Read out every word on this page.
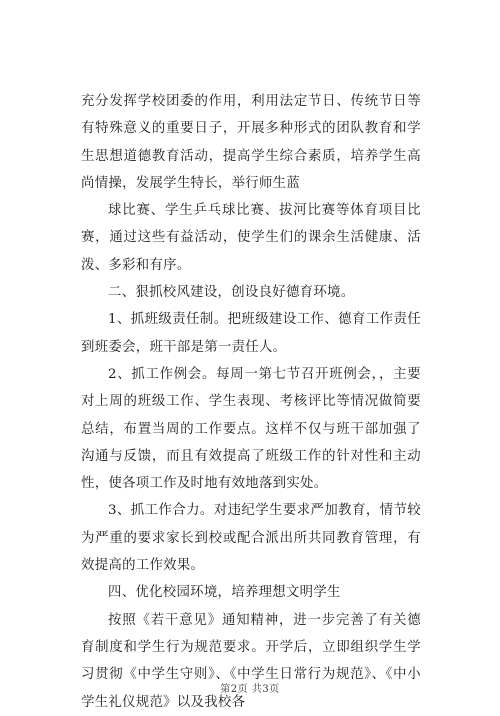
充分发挥学校团委的作用，利用法定节日、传统节日等有特殊意义的重要日子，开展多种形式的团队教育和学生思想道德教育活动，提高学生综合素质，培养学生高尚情操，发展学生特长，举行师生蓝

球比赛、学生乒乓球比赛、拔河比赛等体育项目比赛，通过这些有益活动，使学生们的课余生活健康、活泼、多彩和有序。

二、狠抓校风建设，创设良好德育环境。

1、抓班级责任制。把班级建设工作、德育工作责任到班委会，班干部是第一责任人。

2、抓工作例会。每周一第七节召开班例会，，主要对上周的班级工作、学生表现、考核评比等情况做简要总结，布置当周的工作要点。这样不仅与班干部加强了沟通与反馈，而且有效提高了班级工作的针对性和主动性，使各项工作及时地有效地落到实处。

3、抓工作合力。对违纪学生要求严加教育，情节较为严重的要求家长到校或配合派出所共同教育管理，有效提高的工作效果。

四、优化校园环境，培养理想文明学生

按照《若干意见》通知精神，进一步完善了有关德育制度和学生行为规范要求。开学后，立即组织学生学习贯彻《中学生守则》、《中学生日常行为规范》、《中小学生礼仪规范》以及我校各

第2页 共3页
